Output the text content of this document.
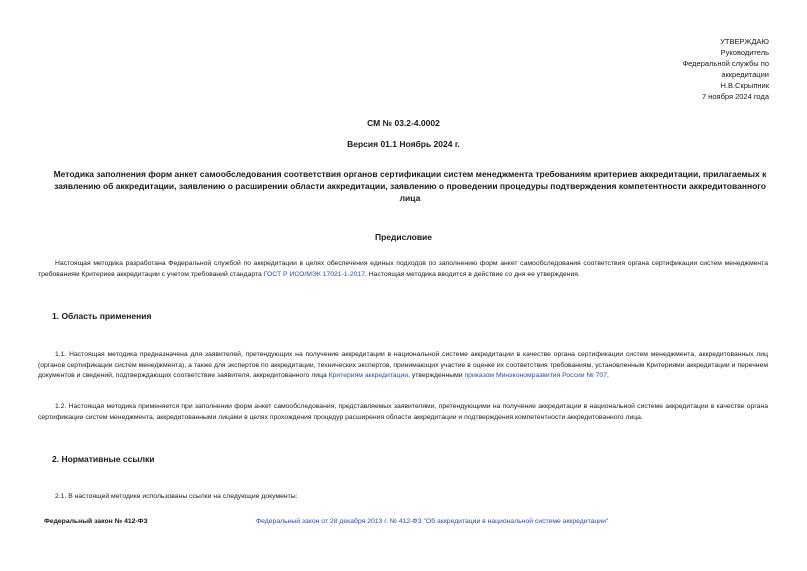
УТВЕРЖДАЮ
Руководитель
Федеральной службы по
аккредитации
Н.В.Скрыпник
7 ноября 2024 года
СМ № 03.2-4.0002
Версия 01.1 Ноябрь 2024 г.
Методика заполнения форм анкет самообследования соответствия органов сертификации систем менеджмента требованиям критериев аккредитации, прилагаемых к заявлению об аккредитации, заявлению о расширении области аккредитации, заявлению о проведении процедуры подтверждения компетентности аккредитованного лица
Предисловие
Настоящая методика разработана Федеральной службой по аккредитации в целях обеспечения единых подходов по заполнению форм анкет самообследования соответствия органа сертификации систем менеджмента требованиям Критериев аккредитации с учетом требований стандарта ГОСТ Р ИСО/МЭК 17021-1-2017. Настоящая методика вводится в действие со дня ее утверждения.
1. Область применения
1.1. Настоящая методика предназначена для заявителей, претендующих на получение аккредитации в национальной системе аккредитации в качестве органа сертификации систем менеджмента, аккредитованных лиц (органов сертификации систем менеджмента), а также для экспертов по аккредитации, технических экспертов, принимающих участие в оценке их соответствия требованиям, установленным Критериями аккредитации и перечнем документов и сведений, подтверждающих соответствие заявителя, аккредитованного лица Критериям аккредитации, утвержденными приказом Минэкономразвития России № 707.
1.2. Настоящая методика применяется при заполнении форм анкет самообследования, представляемых заявителями, претендующими на получение аккредитации в национальной системе аккредитации в качестве органа сертификации систем менеджмента, аккредитованными лицами в целях прохождения процедур расширения области аккредитации и подтверждения компетентности аккредитованного лица.
2. Нормативные ссылки
2.1. В настоящей методике использованы ссылки на следующие документы:
Федеральный закон № 412-ФЗ	Федеральный закон от 28 декабря 2013 г. № 412-ФЗ "Об аккредитации в национальной системе аккредитации"
